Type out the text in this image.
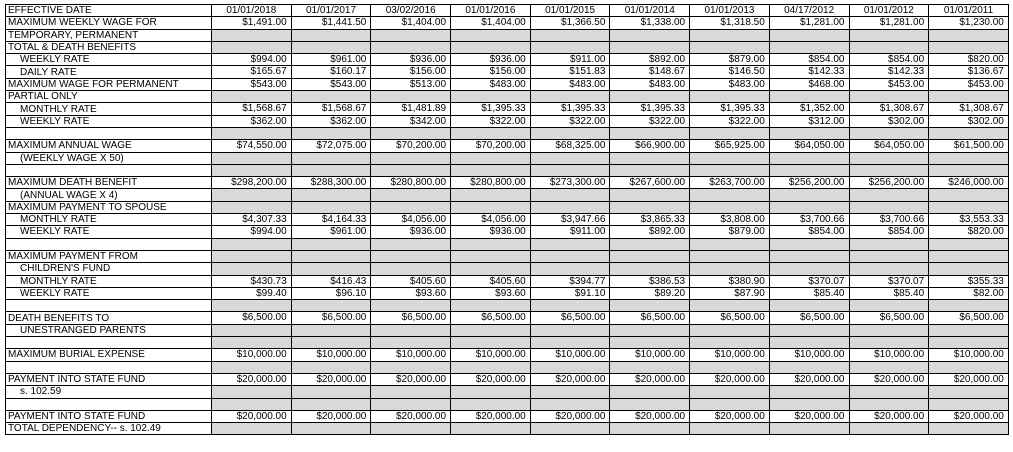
EFFECTIVE DATE	01/01/2018	01/01/2017	03/02/2016	01/01/2016	01/01/2015	01/01/2014	01/01/2013	04/17/2012	01/01/2012	01/01/2011
MAXIMUM WEEKLY WAGE FOR	$1,491.00	$1,441.50	$1,404.00	$1,404.00	$1,366.50	$1,338.00	$1,318.50	$1,281.00	$1,281.00	$1,230.00
TEMPORARY, PERMANENT										
TOTAL & DEATH BENEFITS										
WEEKLY RATE	$994.00	$961.00	$936.00	$936.00	$911.00	$892.00	$879.00	$854.00	$854.00	$820.00
DAILY RATE	$165.67	$160.17	$156.00	$156.00	$151.83	$148.67	$146.50	$142.33	$142.33	$136.67
MAXIMUM WAGE FOR PERMANENT	$543.00	$543.00	$513.00	$483.00	$483.00	$483.00	$483.00	$468.00	$453.00	$453.00
PARTIAL ONLY										
MONTHLY RATE	$1,568.67	$1,568.67	$1,481.89	$1,395.33	$1,395.33	$1,395.33	$1,395.33	$1,352.00	$1,308.67	$1,308.67
WEEKLY RATE	$362.00	$362.00	$342.00	$322.00	$322.00	$322.00	$322.00	$312.00	$302.00	$302.00

MAXIMUM ANNUAL WAGE	$74,550.00	$72,075.00	$70,200.00	$70,200.00	$68,325.00	$66,900.00	$65,925.00	$64,050.00	$64,050.00	$61,500.00
(WEEKLY WAGE X 50)										

MAXIMUM DEATH BENEFIT	$298,200.00	$288,300.00	$280,800.00	$280,800.00	$273,300.00	$267,600.00	$263,700.00	$256,200.00	$256,200.00	$246,000.00
(ANNUAL WAGE X 4)										
MAXIMUM PAYMENT TO SPOUSE										
MONTHLY RATE	$4,307.33	$4,164.33	$4,056.00	$4,056.00	$3,947.66	$3,865.33	$3,808.00	$3,700.66	$3,700.66	$3,553.33
WEEKLY RATE	$994.00	$961.00	$936.00	$936.00	$911.00	$892.00	$879.00	$854.00	$854.00	$820.00

MAXIMUM PAYMENT FROM										
CHILDREN'S FUND										
MONTHLY RATE	$430.73	$416.43	$405.60	$405.60	$394.77	$386.53	$380.90	$370.07	$370.07	$355.33
WEEKLY RATE	$99.40	$96.10	$93.60	$93.60	$91.10	$89.20	$87.90	$85.40	$85.40	$82.00

DEATH BENEFITS TO	$6,500.00	$6,500.00	$6,500.00	$6,500.00	$6,500.00	$6,500.00	$6,500.00	$6,500.00	$6,500.00	$6,500.00
UNESTRANGED PARENTS										

MAXIMUM BURIAL EXPENSE	$10,000.00	$10,000.00	$10,000.00	$10,000.00	$10,000.00	$10,000.00	$10,000.00	$10,000.00	$10,000.00	$10,000.00

PAYMENT INTO STATE FUND	$20,000.00	$20,000.00	$20,000.00	$20,000.00	$20,000.00	$20,000.00	$20,000.00	$20,000.00	$20,000.00	$20,000.00
s. 102.59										

PAYMENT INTO STATE FUND	$20,000.00	$20,000.00	$20,000.00	$20,000.00	$20,000.00	$20,000.00	$20,000.00	$20,000.00	$20,000.00	$20,000.00
TOTAL DEPENDENCY-- s. 102.49										
